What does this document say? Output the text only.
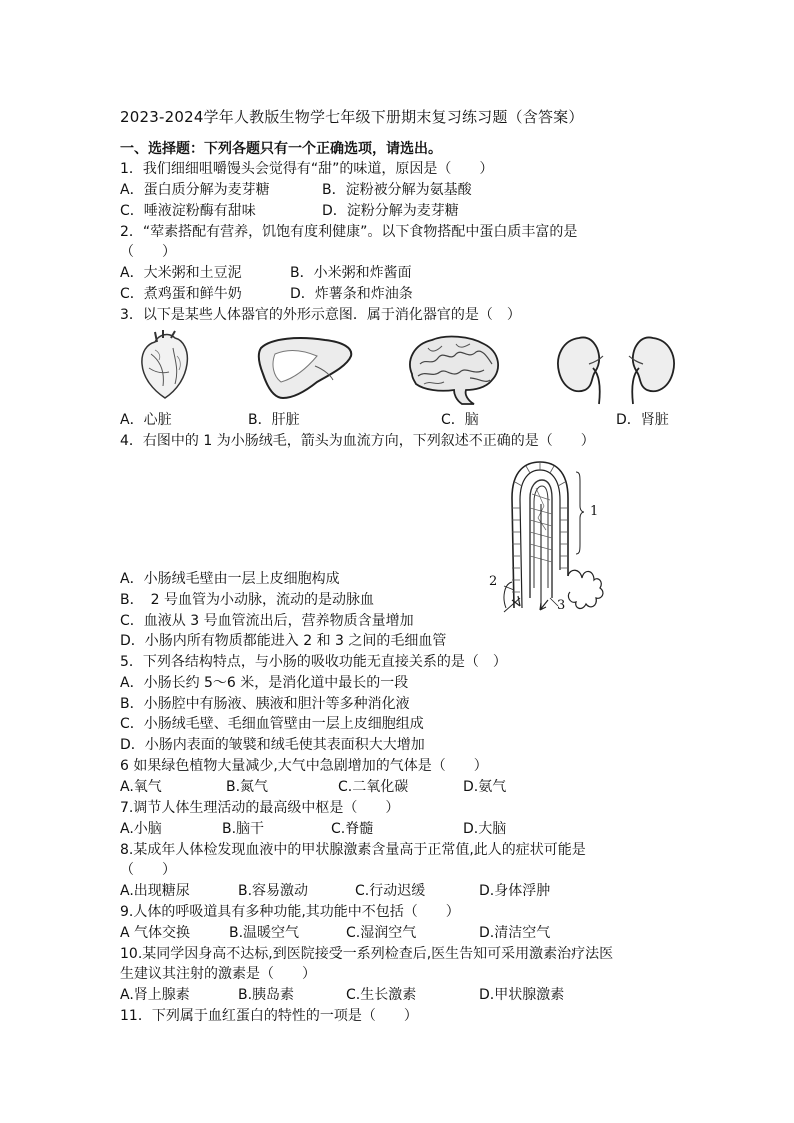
2023-2024学年人教版生物学七年级下册期末复习练习题（含答案）
一、选择题：下列各题只有一个正确选项，请选出。
1．我们细细咀嚼馒头会觉得有“甜”的味道，原因是（　　）
A．蛋白质分解为麦芽糖	B．淀粉被分解为氨基酸
C．唾液淀粉酶有甜味	D．淀粉分解为麦芽糖
2．“荤素搭配有营养，饥饱有度利健康”。以下食物搭配中蛋白质丰富的是
（　　）
A．大米粥和土豆泥	B．小米粥和炸酱面
C．煮鸡蛋和鲜牛奶	D．炸薯条和炸油条
3．以下是某些人体器官的外形示意图．属于消化器官的是（　）
A．心脏	B．肝脏	C．脑	D．肾脏
4．右图中的 1 为小肠绒毛，箭头为血流方向，下列叙述不正确的是（　　）
1
2
3
A．小肠绒毛壁由一层上皮细胞构成
B．　2 号血管为小动脉，流动的是动脉血
C．血液从 3 号血管流出后，营养物质含量增加
D．小肠内所有物质都能进入 2 和 3 之间的毛细血管
5．下列各结构特点，与小肠的吸收功能无直接关系的是（　）
A．小肠长约 5～6 米，是消化道中最长的一段
B．小肠腔中有肠液、胰液和胆汁等多种消化液
C．小肠绒毛壁、毛细血管壁由一层上皮细胞组成
D．小肠内表面的皱襞和绒毛使其表面积大大增加
6 如果绿色植物大量减少,大气中急剧增加的气体是（　　）
A.氧气	B.氮气	C.二氧化碳	D.氨气
7.调节人体生理活动的最高级中枢是（　　）
A.小脑	B.脑干	C.脊髓	D.大脑
8.某成年人体检发现血液中的甲状腺激素含量高于正常值,此人的症状可能是
（　　）
A.出现糖尿	B.容易激动	C.行动迟缓	D.身体浮肿
9.人体的呼吸道具有多种功能,其功能中不包括（　　）
A 气体交换	B.温暖空气	C.湿润空气	D.清洁空气
10.某同学因身高不达标,到医院接受一系列检查后,医生告知可采用激素治疗法医
生建议其注射的激素是（　　）
A.肾上腺素	B.胰岛素	C.生长激素	D.甲状腺激素
11．下列属于血红蛋白的特性的一项是（　　）
